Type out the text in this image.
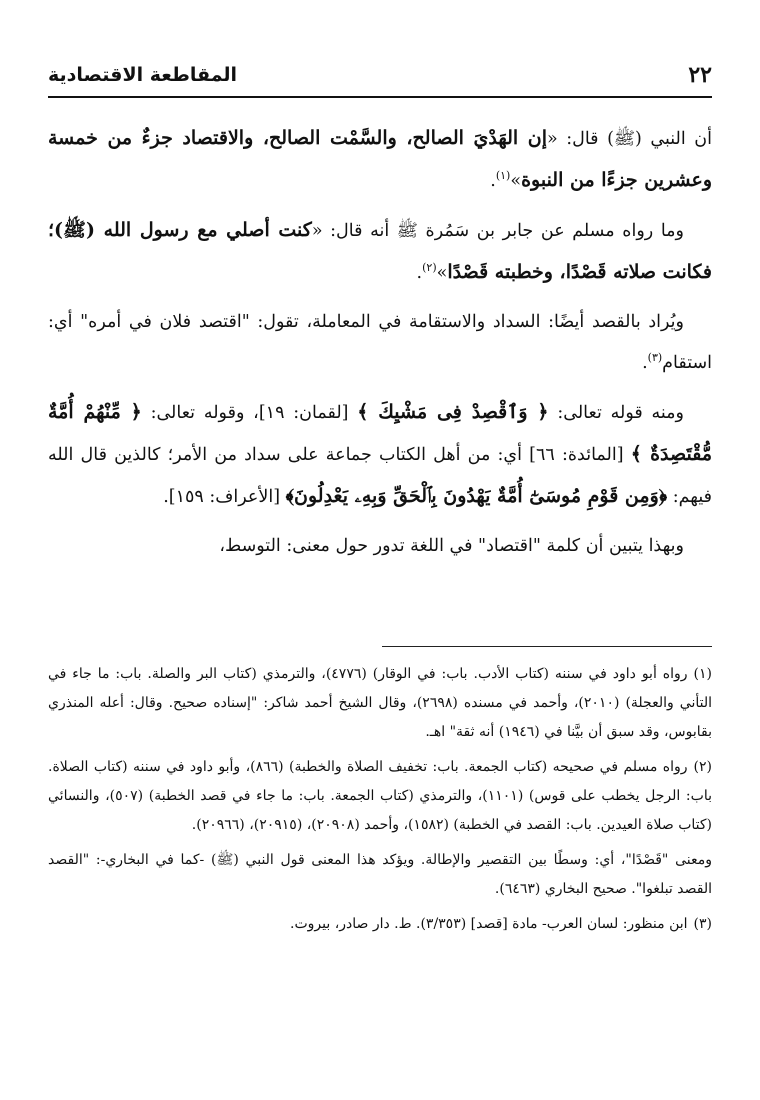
٢٢
المقاطعة الاقتصادية

أن النبي (ﷺ) قال: «إن الهَدْيَ الصالح، والسَّمْت الصالح، والاقتصاد جزءٌ من خمسة وعشرين جزءًا من النبوة»$^{(١)}$.

وما رواه مسلم عن جابر بن سَمُرة ﷺ أنه قال: «كنت أصلي مع رسول الله (ﷺ)؛ فكانت صلاته قَصْدًا، وخطبته قَصْدًا»$^{(٢)}$.

ويُراد بالقصد أيضًا: السداد والاستقامة في المعاملة، تقول: "اقتصد فلان في أمره" أي: استقام$^{(٣)}$.

ومنه قوله تعالى: ﴿ وَٱقْصِدْ فِى مَشْيِكَ ﴾ [لقمان: ١٩]، وقوله تعالى: ﴿ مِّنْهُمْ أُمَّةٌ مُّقْتَصِدَةٌ ﴾ [المائدة: ٦٦] أي: من أهل الكتاب جماعة على سداد من الأمر؛ كالذين قال الله فيهم: ﴿وَمِن قَوْمِ مُوسَىٰٓ أُمَّةٌ يَهْدُونَ بِٱلْحَقِّ وَبِهِۦ يَعْدِلُونَ﴾ [الأعراف: ١٥٩].

وبهذا يتبين أن كلمة "اقتصاد" في اللغة تدور حول معنى: التوسط،

(١)رواه أبو داود في سننه (كتاب الأدب. باب: في الوقار) (٤٧٧٦)، والترمذي (كتاب البر والصلة. باب: ما جاء في التأني والعجلة) (٢٠١٠)، وأحمد في مسنده (٢٦٩٨)، وقال الشيخ أحمد شاكر: "إسناده صحيح. وقال: أعله المنذري بقابوس، وقد سبق أن بيَّنا في (١٩٤٦) أنه ثقة" اهـ.

(٢)رواه مسلم في صحيحه (كتاب الجمعة. باب: تخفيف الصلاة والخطبة) (٨٦٦)، وأبو داود في سننه (كتاب الصلاة. باب: الرجل يخطب على قوس) (١١٠١)، والترمذي (كتاب الجمعة. باب: ما جاء في قصد الخطبة) (٥٠٧)، والنسائي (كتاب صلاة العيدين. باب: القصد في الخطبة) (١٥٨٢)، وأحمد (٢٠٩٠٨)، (٢٠٩١٥)، (٢٠٩٦٦).

ومعنى "قَصْدًا"، أي: وسطًا بين التقصير والإطالة. ويؤكد هذا المعنى قول النبي (ﷺ) -كما في البخاري-: "القصد القصد تبلغوا". صحيح البخاري (٦٤٦٣).

(٣)ابن منظور: لسان العرب- مادة [قصد] (٣/٣٥٣). ط. دار صادر، بيروت.
